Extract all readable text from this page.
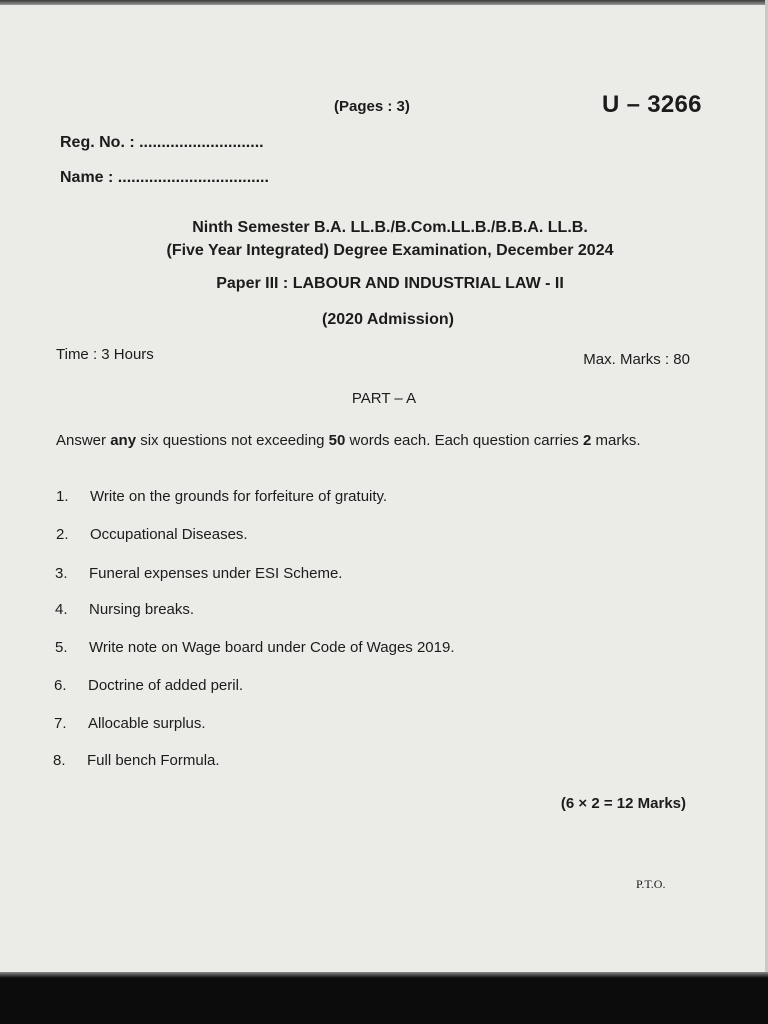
(Pages : 3)	U – 3266
Reg. No. : ............................
Name : ..................................
Ninth Semester B.A. LL.B./B.Com.LL.B./B.B.A. LL.B.
(Five Year Integrated) Degree Examination, December 2024
Paper III : LABOUR AND INDUSTRIAL LAW - II
(2020 Admission)
Time : 3 Hours	Max. Marks : 80
PART – A
Answer any six questions not exceeding 50 words each. Each question carries 2 marks.
1. Write on the grounds for forfeiture of gratuity.
2. Occupational Diseases.
3. Funeral expenses under ESI Scheme.
4. Nursing breaks.
5. Write note on Wage board under Code of Wages 2019.
6. Doctrine of added peril.
7. Allocable surplus.
8. Full bench Formula.
(6 × 2 = 12 Marks)
P.T.O.
